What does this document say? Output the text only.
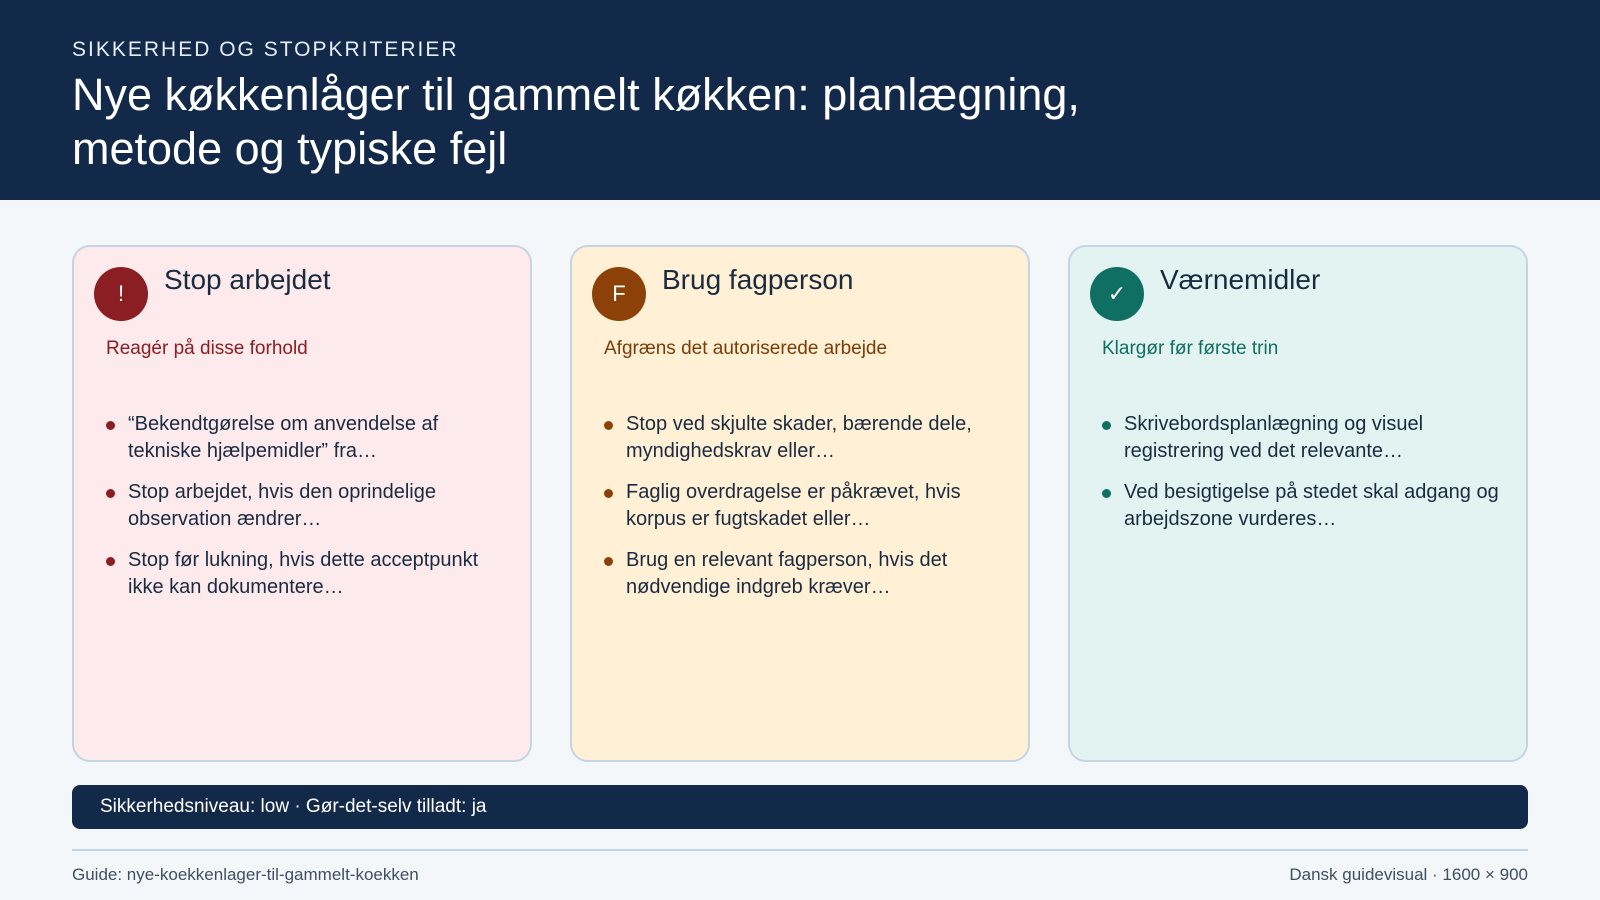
SIKKERHED OG STOPKRITERIER
Nye køkkenlåger til gammelt køkken: planlægning, metode og typiske fejl
!	Stop arbejdet
Reagér på disse forhold
“Bekendtgørelse om anvendelse af tekniske hjælpemidler” fra…
Stop arbejdet, hvis den oprindelige observation ændrer…
Stop før lukning, hvis dette acceptpunkt ikke kan dokumentere…
F	Brug fagperson
Afgræns det autoriserede arbejde
Stop ved skjulte skader, bærende dele, myndighedskrav eller…
Faglig overdragelse er påkrævet, hvis korpus er fugtskadet eller…
Brug en relevant fagperson, hvis det nødvendige indgreb kræver…
✓	Værnemidler
Klargør før første trin
Skrivebordsplanlægning og visuel registrering ved det relevante…
Ved besigtigelse på stedet skal adgang og arbejdszone vurderes…
Sikkerhedsniveau: low · Gør-det-selv tilladt: ja
Guide: nye-koekkenlager-til-gammelt-koekken	Dansk guidevisual · 1600 × 900
